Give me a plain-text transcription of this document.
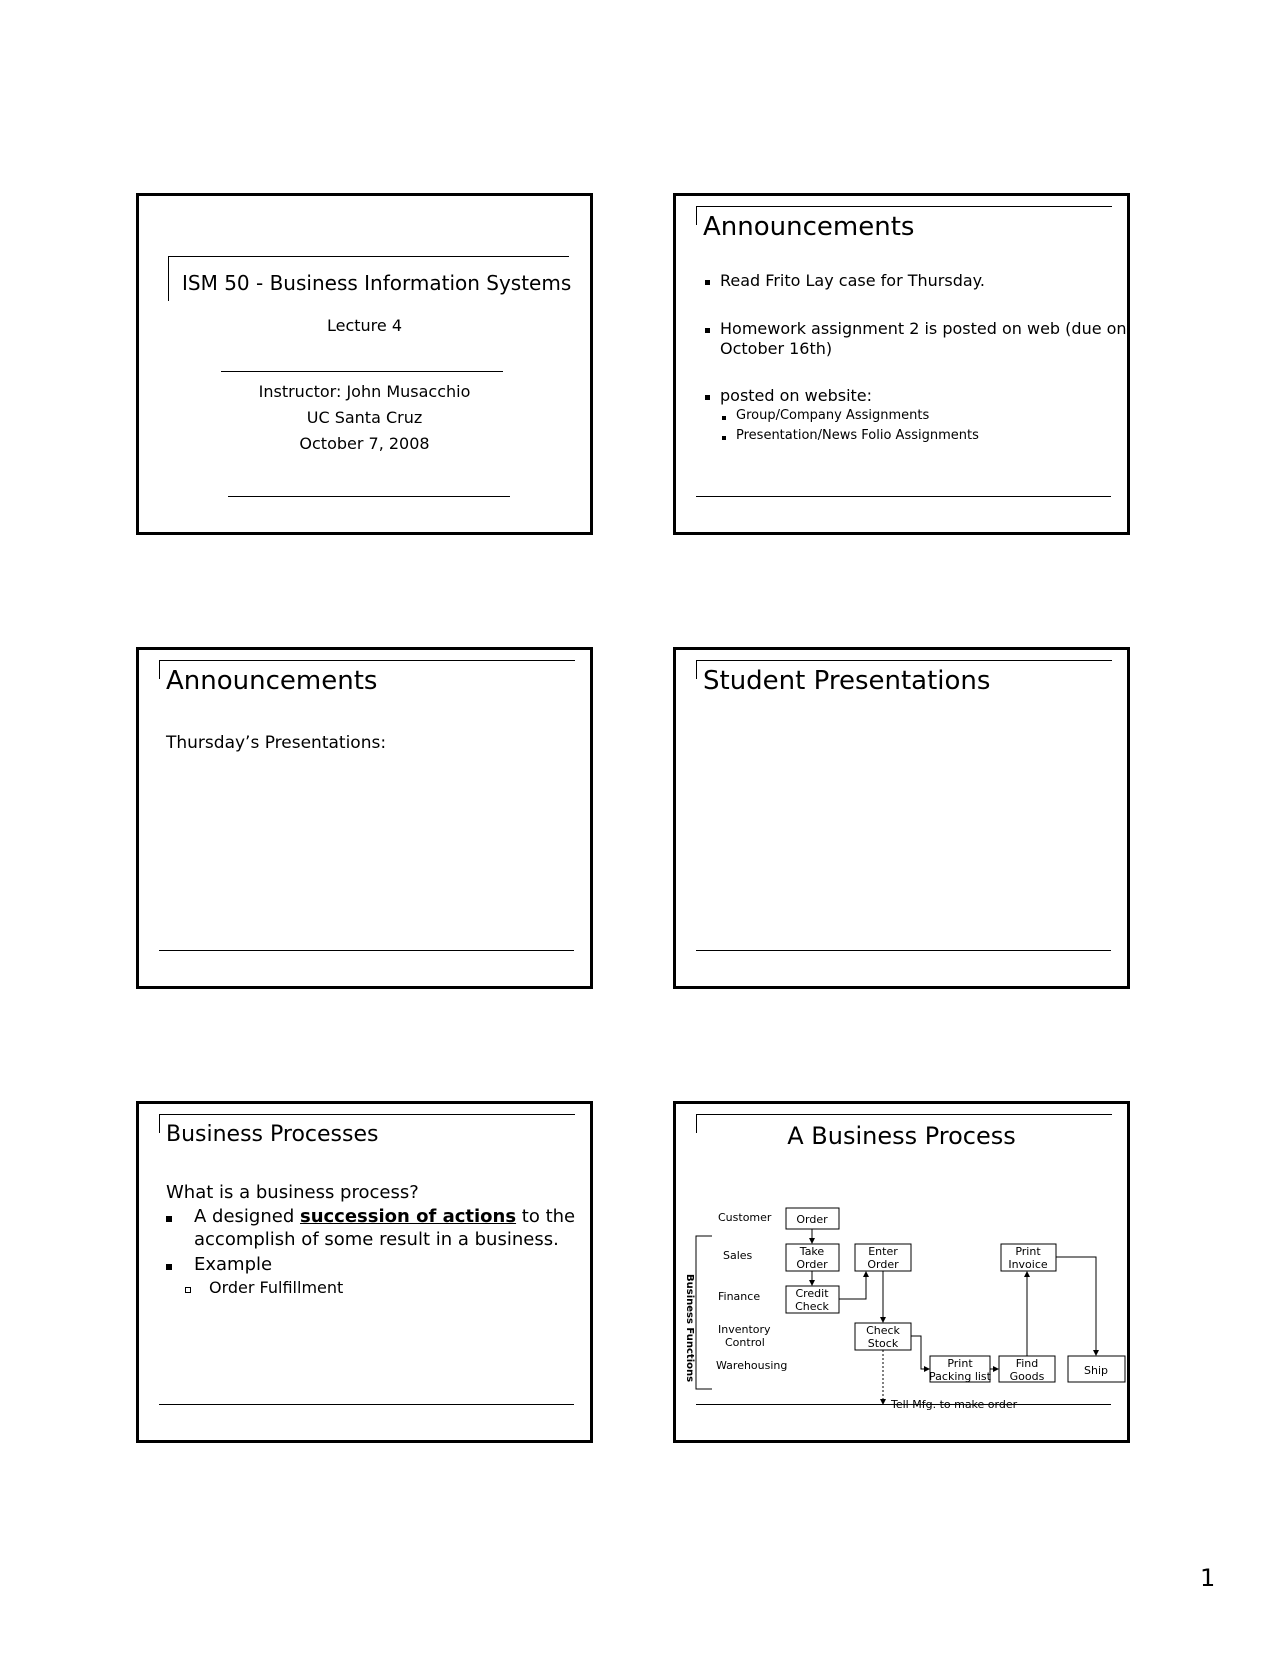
ISM 50 - Business Information Systems
Lecture 4
Instructor: John Musacchio
UC Santa Cruz
October 7, 2008
Announcements
Read Frito Lay case for Thursday.
Homework assignment 2 is posted on web (due on
October 16th)
posted on website:
Group/Company Assignments
Presentation/News Folio Assignments
Announcements
Thursday’s Presentations:
Student Presentations
Business Processes
What is a business process?
A designed succession of actions to the
accomplish of some result in a business.
Example
Order Fulfillment
A Business Process
Business Functions
Customer
Sales
Finance
Inventory
Control
Warehousing
Order
Take
Order
Enter
Order
Print
Invoice
Credit
Check
Check
Stock
Print
Packing list
Find
Goods	Ship
Tell Mfg. to make order
1
